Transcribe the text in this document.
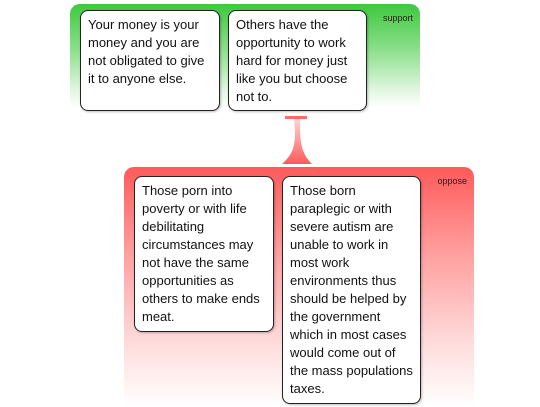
support
oppose
Your money is your money and you are not obligated to give it to anyone else.
Others have the opportunity to work hard for money just like you but choose not to.
Those porn into poverty or with life debilitating circumstances may not have the same opportunities as others to make ends meat.
Those born paraplegic or with severe autism are unable to work in most work environments thus should be helped by the government which in most cases would come out of the mass populations taxes.
